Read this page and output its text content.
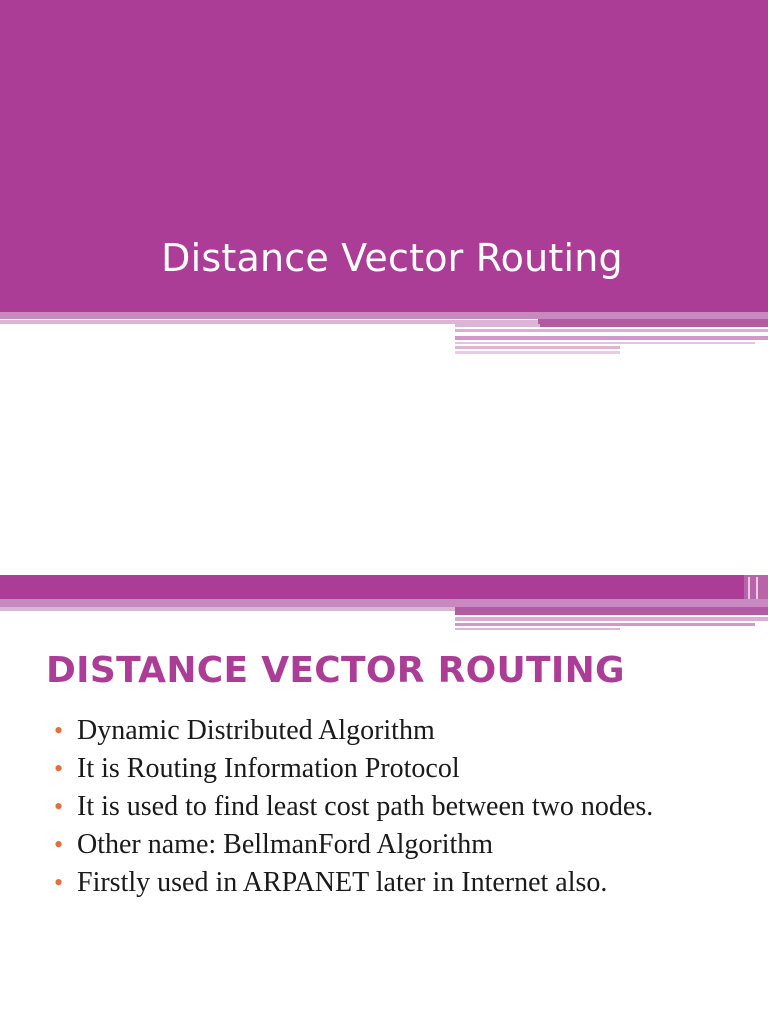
Distance Vector Routing
DISTANCE VECTOR ROUTING
• Dynamic Distributed Algorithm
• It is Routing Information Protocol
• It is used to find least cost path between two nodes.
• Other name: BellmanFord Algorithm
• Firstly used in ARPANET later in Internet also.
